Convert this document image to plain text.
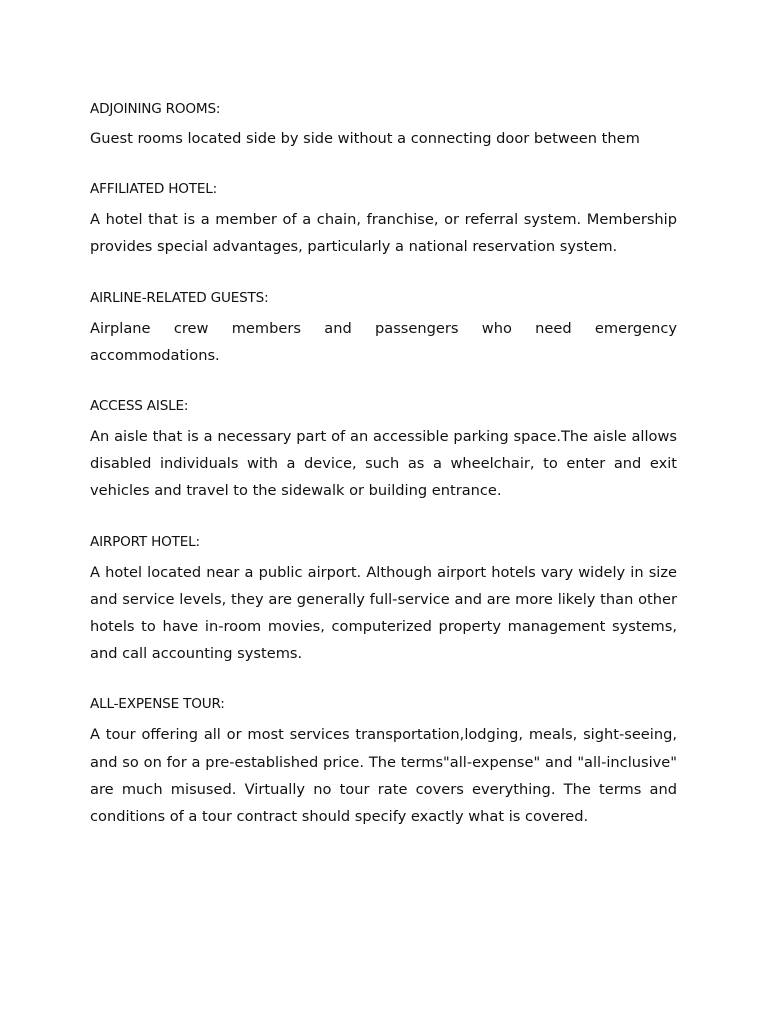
ADJOINING ROOMS:

Guest rooms located side by side without a connecting door between them

AFFILIATED HOTEL:

A hotel that is a member of a chain, franchise, or referral system. Membership provides special advantages, particularly a national reservation system.

AIRLINE-RELATED GUESTS:

Airplane crew members and passengers who need emergency accommodations.

ACCESS AISLE:

An aisle that is a necessary part of an accessible parking space.The aisle allows disabled individuals with a device, such as a wheelchair, to enter and exit vehicles and travel to the sidewalk or building entrance.

AIRPORT HOTEL:

A hotel located near a public airport. Although airport hotels vary widely in size and service levels, they are generally full-service and are more likely than other hotels to have in-room movies, computerized property management systems, and call accounting systems.

ALL-EXPENSE TOUR:

A tour offering all or most services transportation,lodging, meals, sight-seeing, and so on for a pre-established price. The terms"all-expense" and "all-inclusive" are much misused. Virtually no tour rate covers everything. The terms and conditions of a tour contract should specify exactly what is covered.
